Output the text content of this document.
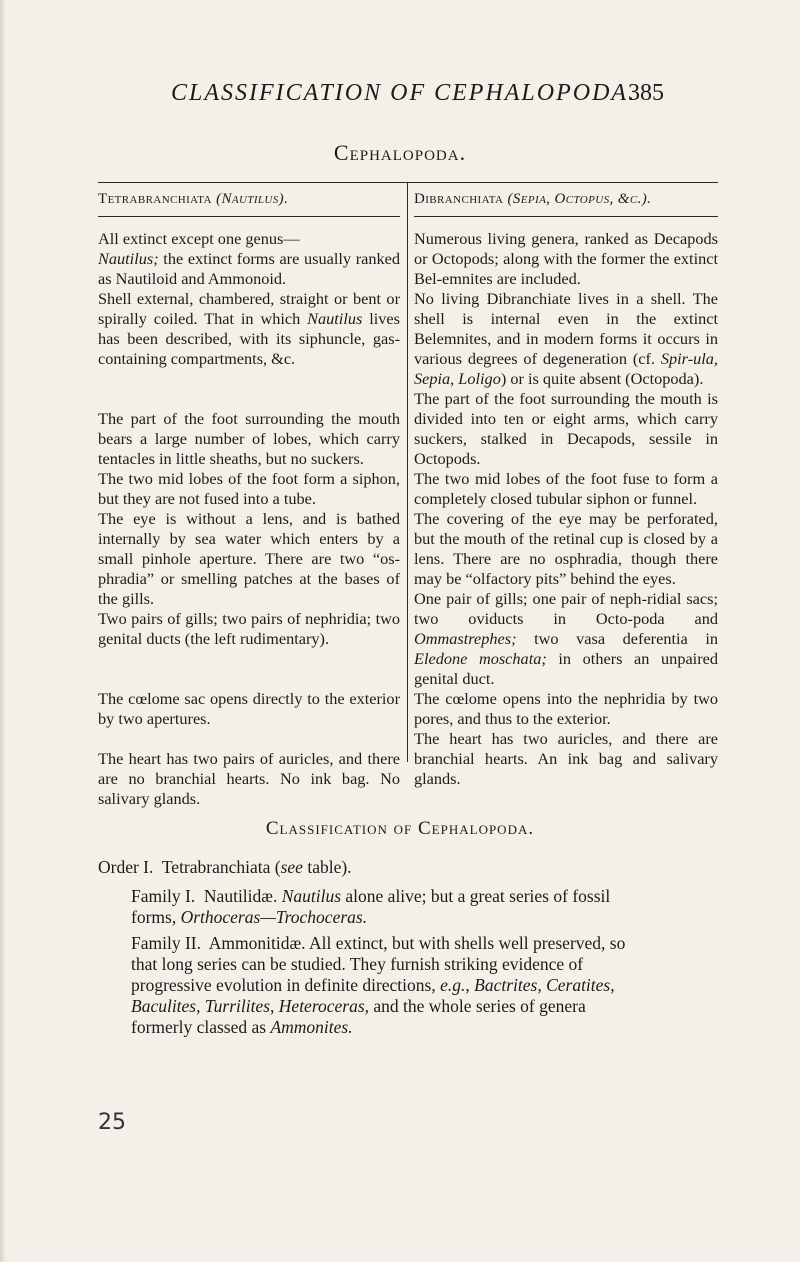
CLASSIFICATION OF CEPHALOPODA.
385
Cephalopoda.
Tetrabranchiata (Nautilus).

All extinct except one genus—
Nautilus; the extinct forms are usually ranked as Nautiloid and Ammonoid.

Shell external, chambered, straight or bent or spirally coiled. That in which Nautilus lives has been described, with its siphuncle, gas-containing compartments, &c.

The part of the foot surrounding the mouth bears a large number of lobes, which carry tentacles in little sheaths, but no suckers.

The two mid lobes of the foot form a siphon, but they are not fused into a tube.

The eye is without a lens, and is bathed internally by sea water which enters by a small pinhole aperture. There are two “os-phradia” or smelling patches at the bases of the gills.

Two pairs of gills; two pairs of nephridia; two genital ducts (the left rudimentary).

The cœlome sac opens directly to the exterior by two apertures.

The heart has two pairs of auricles, and there are no branchial hearts. No ink bag. No salivary glands.

Dibranchiata (Sepia, Octopus, &c.).

Numerous living genera, ranked as Decapods or Octopods; along with the former the extinct Bel-emnites are included.

No living Dibranchiate lives in a shell. The shell is internal even in the extinct Belemnites, and in modern forms it occurs in various degrees of degeneration (cf. Spir-ula, Sepia, Loligo) or is quite absent (Octopoda).

The part of the foot surrounding the mouth is divided into ten or eight arms, which carry suckers, stalked in Decapods, sessile in Octopods.

The two mid lobes of the foot fuse to form a completely closed tubular siphon or funnel.

The covering of the eye may be perforated, but the mouth of the retinal cup is closed by a lens. There are no osphradia, though there may be “olfactory pits” behind the eyes.

One pair of gills; one pair of neph-ridial sacs; two oviducts in Octo-poda and Ommastrephes; two vasa deferentia in Eledone moschata; in others an unpaired genital duct.

The cœlome opens into the nephridia by two pores, and thus to the exterior.

The heart has two auricles, and there are branchial hearts. An ink bag and salivary glands.

Classification of Cephalopoda.
Order I. Tetrabranchiata (see table).
Family I. Nautilidæ. Nautilus alone alive; but a great series of fossil forms, Orthoceras—Trochoceras.
Family II. Ammonitidæ. All extinct, but with shells well preserved, so that long series can be studied. They furnish striking evidence of progressive evolution in definite directions, e.g., Bactrites, Ceratites, Baculites, Turrilites, Heteroceras, and the whole series of genera formerly classed as Ammonites.
25
